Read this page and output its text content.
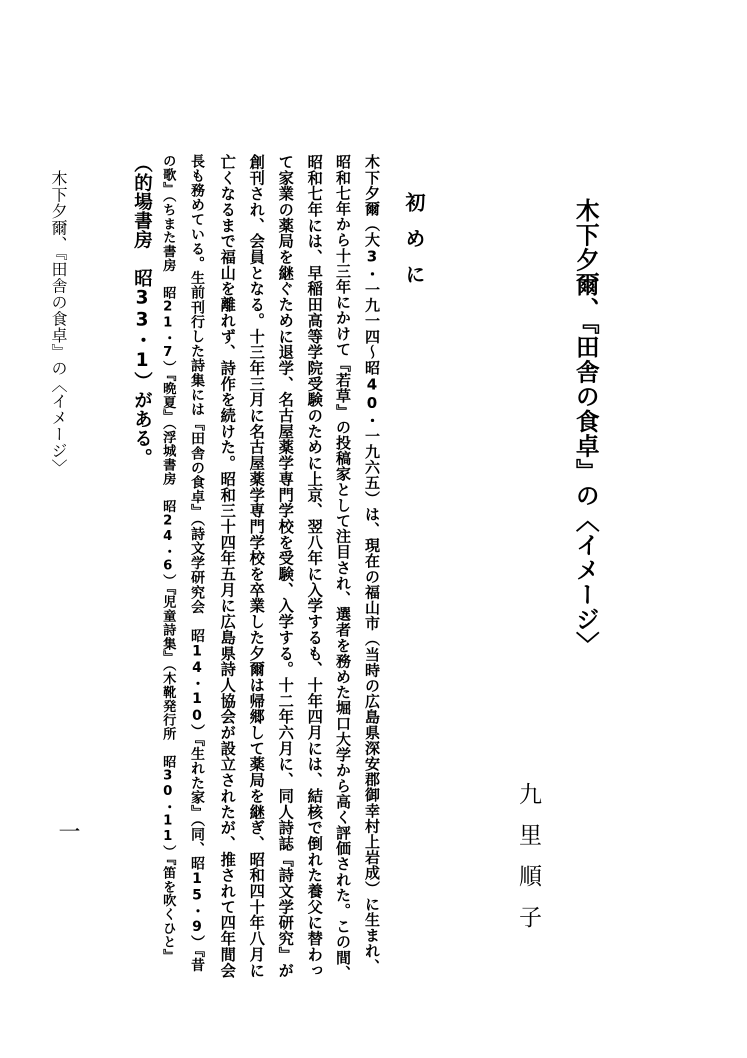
木下夕爾、『田舎の食卓』の〈イメージ〉
九里順子
初めに
木下夕爾（大3・一九一四～昭40・一九六五）は、現在の福山市（当時の広島県深安郡御幸村上岩成）に生まれ、
昭和七年から十三年にかけて『若草』の投稿家として注目され、選者を務めた堀口大学から高く評価された。この間、
昭和七年には、早稲田高等学院受験のために上京、翌八年に入学するも、十年四月には、結核で倒れた養父に替わっ
て家業の薬局を継ぐために退学、名古屋薬学専門学校を受験、入学する。十二年六月に、同人詩誌『詩文学研究』が
創刊され、会員となる。十三年三月に名古屋薬学専門学校を卒業した夕爾は帰郷して薬局を継ぎ、昭和四十年八月に
亡くなるまで福山を離れず、詩作を続けた。昭和三十四年五月に広島県詩人協会が設立されたが、推されて四年間会
長も務めている。生前刊行した詩集には『田舎の食卓』（詩文学研究会　昭14・10）『生れた家』（同、昭15・9）『昔
の歌』（ちまた書房　昭21・7）『晩夏』（浮城書房　昭24・6）『児童詩集』（木靴発行所　昭30・11）『笛を吹くひと』
（的場書房　昭33・1）がある。
木下夕爾、『田舎の食卓』の〈イメージ〉
一
